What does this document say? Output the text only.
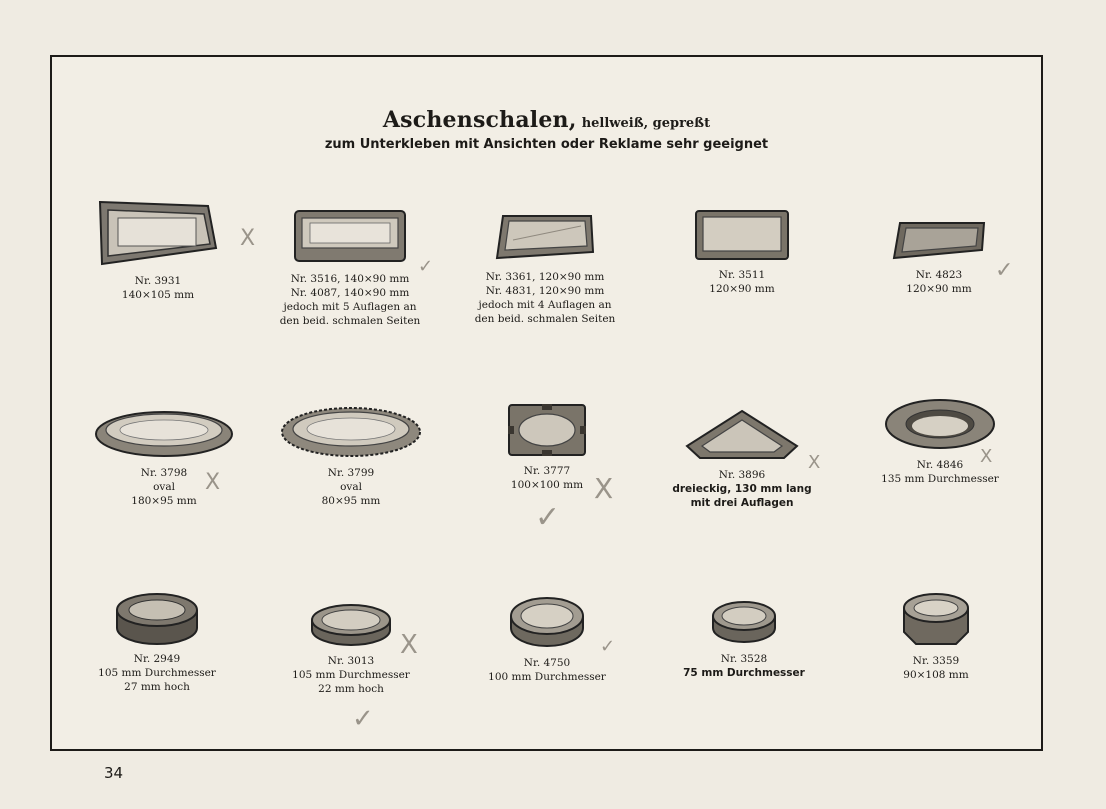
Aschenschalen, hellweiß, gepreßt
zum Unterkleben mit Ansichten oder Reklame sehr geeignet
34
Nr. 3931
140×105 mm
Nr. 3516, 140×90 mm
Nr. 4087, 140×90 mm
jedoch mit 5 Auflagen an
den beid. schmalen Seiten
Nr. 3361, 120×90 mm
Nr. 4831, 120×90 mm
jedoch mit 4 Auflagen an
den beid. schmalen Seiten
Nr. 3511
120×90 mm
Nr. 4823
120×90 mm
Nr. 3798
oval
180×95 mm
Nr. 3799
oval
80×95 mm
Nr. 3777
100×100 mm
Nr. 3896
dreieckig, 130 mm lang
mit drei Auflagen
Nr. 4846
135 mm Durchmesser
Nr. 2949
105 mm Durchmesser
27 mm hoch
Nr. 3013
105 mm Durchmesser
22 mm hoch
Nr. 4750
100 mm Durchmesser
Nr. 3528
75 mm Durchmesser
Nr. 3359
90×108 mm
X
✓	✓
X	X
✓
X	X
X	✓
✓
